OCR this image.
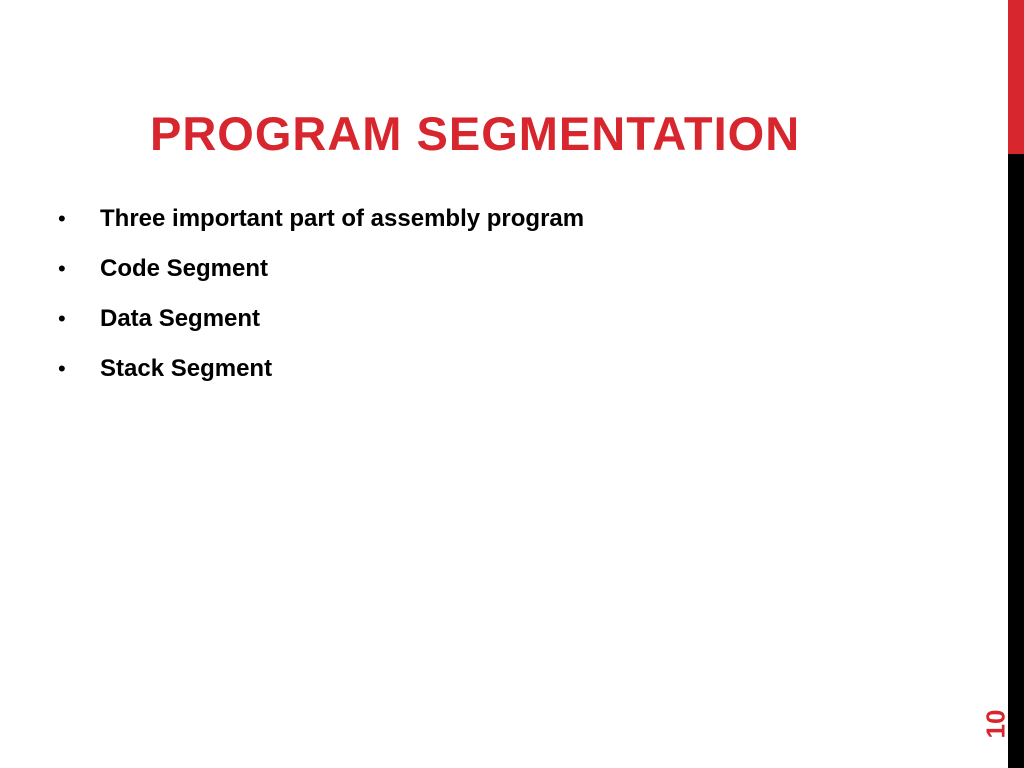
PROGRAM SEGMENTATION
•	Three important part of assembly program
•	Code Segment
•	Data Segment
•	Stack Segment
10
